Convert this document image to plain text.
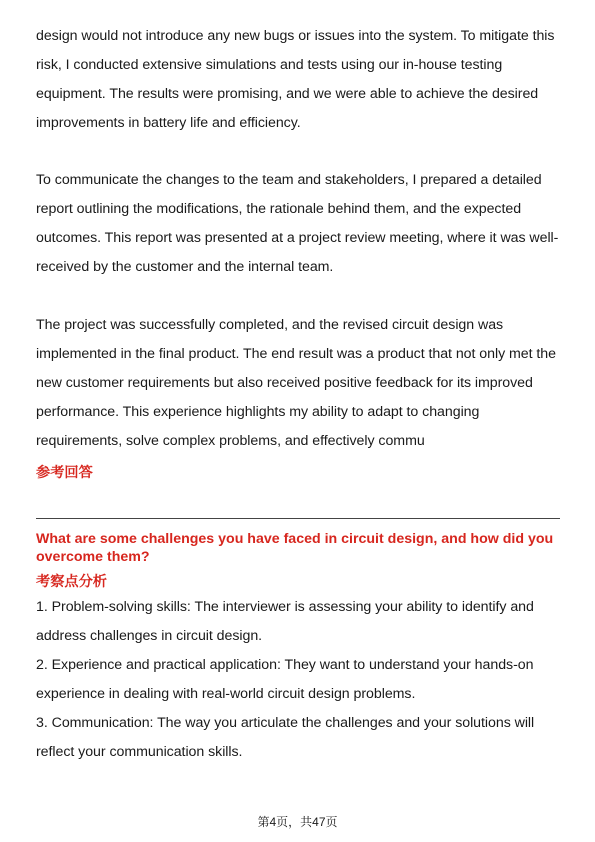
design would not introduce any new bugs or issues into the system. To mitigate this risk, I conducted extensive simulations and tests using our in-house testing equipment. The results were promising, and we were able to achieve the desired improvements in battery life and efficiency.

To communicate the changes to the team and stakeholders, I prepared a detailed report outlining the modifications, the rationale behind them, and the expected outcomes. This report was presented at a project review meeting, where it was well-received by the customer and the internal team.

The project was successfully completed, and the revised circuit design was implemented in the final product. The end result was a product that not only met the new customer requirements but also received positive feedback for its improved performance. This experience highlights my ability to adapt to changing requirements, solve complex problems, and effectively commu

参考回答
What are some challenges you have faced in circuit design, and how did you overcome them?
考察点分析

1. Problem-solving skills: The interviewer is assessing your ability to identify and address challenges in circuit design.

2. Experience and practical application: They want to understand your hands-on experience in dealing with real-world circuit design problems.

3. Communication: The way you articulate the challenges and your solutions will reflect your communication skills.

第4页，共47页
